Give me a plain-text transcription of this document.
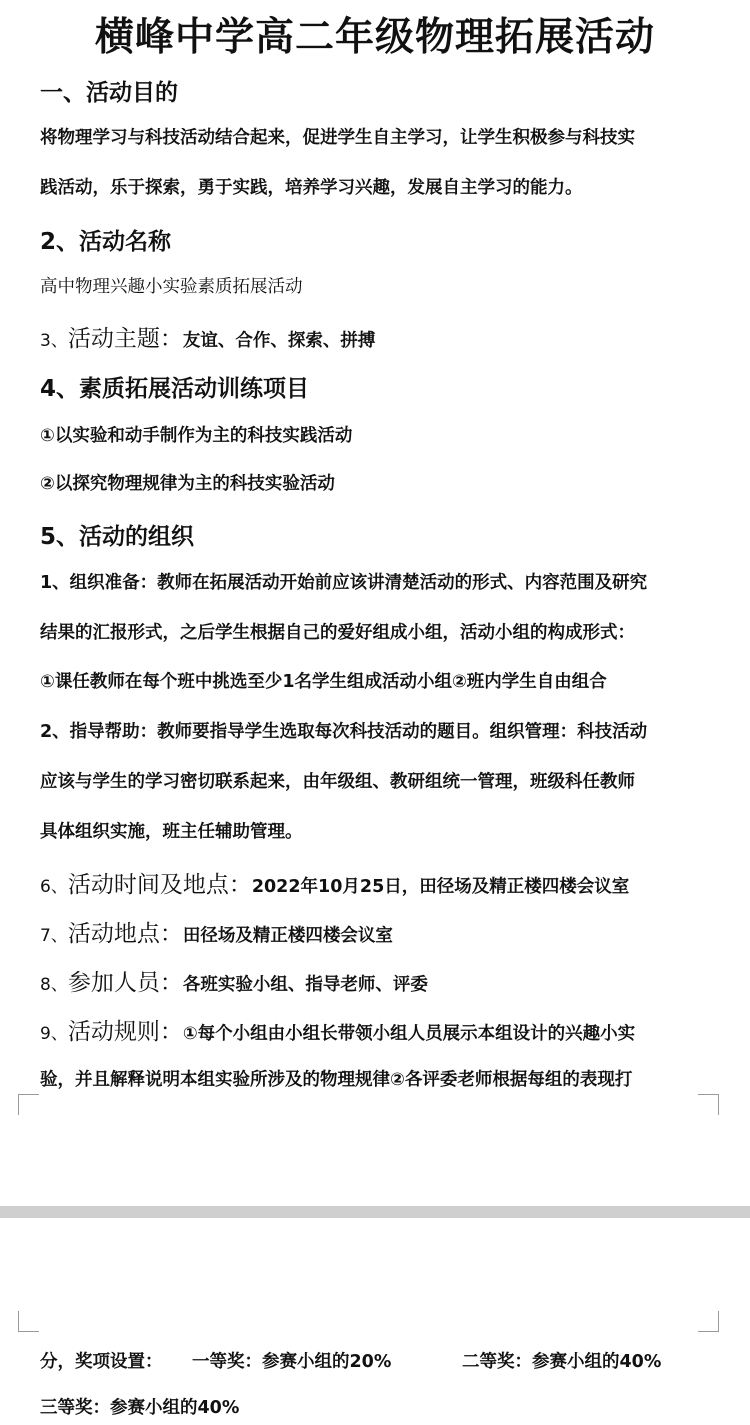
横峰中学高二年级物理拓展活动
一、活动目的
将物理学习与科技活动结合起来，促进学生自主学习，让学生积极参与科技实
践活动，乐于探索，勇于实践，培养学习兴趣，发展自主学习的能力。
2、活动名称
高中物理兴趣小实验素质拓展活动
3、活动主题：友谊、合作、探索、拼搏
4、素质拓展活动训练项目
①以实验和动手制作为主的科技实践活动
②以探究物理规律为主的科技实验活动
5、活动的组织
1、组织准备：教师在拓展活动开始前应该讲清楚活动的形式、内容范围及研究
结果的汇报形式，之后学生根据自己的爱好组成小组，活动小组的构成形式：
①课任教师在每个班中挑选至少1名学生组成活动小组②班内学生自由组合
2、指导帮助：教师要指导学生选取每次科技活动的题目。组织管理：科技活动
应该与学生的学习密切联系起来，由年级组、教研组统一管理，班级科任教师
具体组织实施，班主任辅助管理。
6、活动时间及地点：2022年10月25日，田径场及精正楼四楼会议室
7、活动地点：田径场及精正楼四楼会议室
8、参加人员：各班实验小组、指导老师、评委
9、活动规则：①每个小组由小组长带领小组人员展示本组设计的兴趣小实
验，并且解释说明本组实验所涉及的物理规律②各评委老师根据每组的表现打
分，奖项设置： 一等奖：参赛小组的20%	二等奖：参赛小组的40%
三等奖：参赛小组的40%
